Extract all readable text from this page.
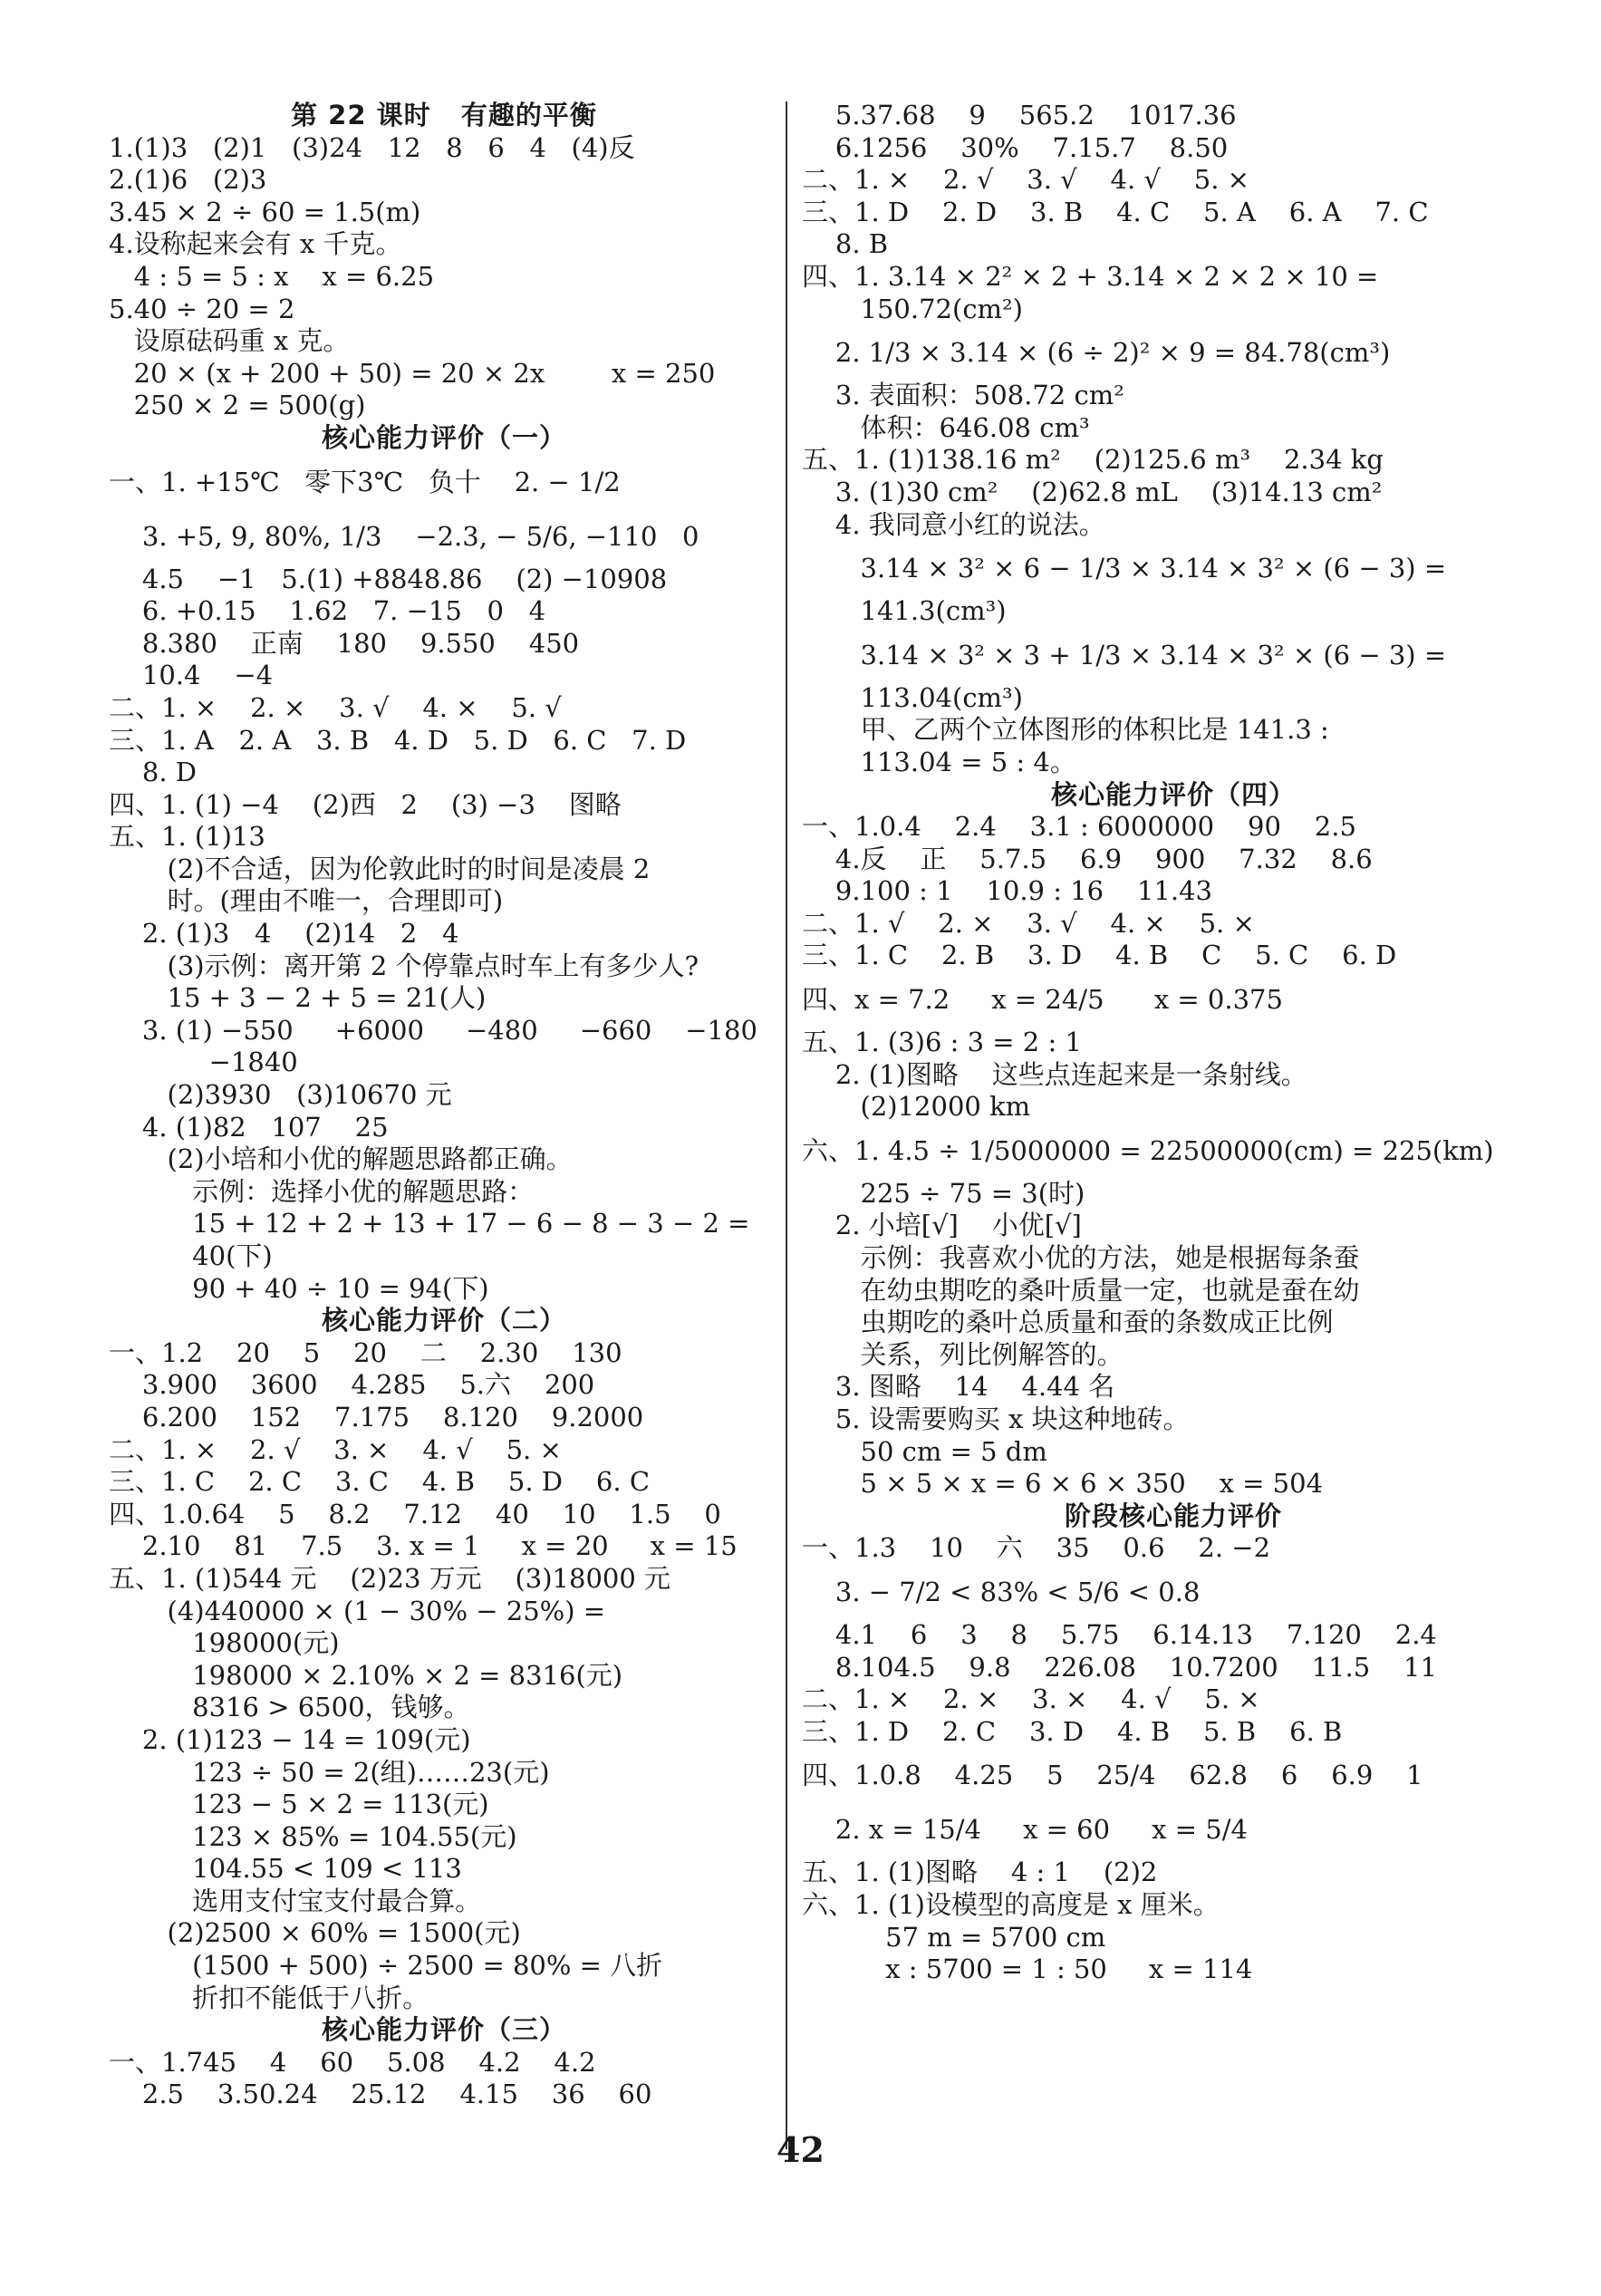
第 22 课时   有趣的平衡
1.(1)3   (2)1   (3)24   12   8   6   4   (4)反
2.(1)6   (2)3
3.45 × 2 ÷ 60 = 1.5(m)
4.设称起来会有 x 千克。
4 : 5 = 5 : x    x = 6.25
5.40 ÷ 20 = 2
设原砝码重 x 克。
20 × (x + 200 + 50) = 20 × 2x        x = 250
250 × 2 = 500(g)
核心能力评价（一）
一、1. +15℃   零下3℃   负十    2. − 1/2
3. +5, 9, 80%, 1/3    −2.3, − 5/6, −110   0
4.5    −1   5.(1) +8848.86    (2) −10908
6. +0.15    1.62   7. −15   0   4
8.380    正南    180    9.550    450
10.4    −4
二、1. ×    2. ×    3. √    4. ×    5. √
三、1. A   2. A   3. B   4. D   5. D   6. C   7. D
8. D
四、1. (1) −4    (2)西   2    (3) −3    图略
五、1. (1)13
(2)不合适，因为伦敦此时的时间是凌晨 2
时。(理由不唯一，合理即可)
2. (1)3   4    (2)14   2   4
(3)示例：离开第 2 个停靠点时车上有多少人?
15 + 3 − 2 + 5 = 21(人)
3. (1) −550     +6000     −480     −660    −180
−1840
(2)3930   (3)10670 元
4. (1)82   107    25
(2)小培和小优的解题思路都正确。
示例：选择小优的解题思路：
15 + 12 + 2 + 13 + 17 − 6 − 8 − 3 − 2 =
40(下)
90 + 40 ÷ 10 = 94(下)
核心能力评价（二）
一、1.2    20    5    20    二    2.30    130
3.900    3600    4.285    5.六    200
6.200    152    7.175    8.120    9.2000
二、1. ×    2. √    3. ×    4. √    5. ×
三、1. C    2. C    3. C    4. B    5. D    6. C
四、1.0.64    5    8.2    7.12    40    10    1.5    0
2.10    81    7.5    3. x = 1     x = 20     x = 15
五、1. (1)544 元    (2)23 万元    (3)18000 元
(4)440000 × (1 − 30% − 25%) =
198000(元)
198000 × 2.10% × 2 = 8316(元)
8316 > 6500，钱够。
2. (1)123 − 14 = 109(元)
123 ÷ 50 = 2(组)……23(元)
123 − 5 × 2 = 113(元)
123 × 85% = 104.55(元)
104.55 < 109 < 113
选用支付宝支付最合算。
(2)2500 × 60% = 1500(元)
(1500 + 500) ÷ 2500 = 80% = 八折
折扣不能低于八折。
核心能力评价（三）
一、1.745    4    60    5.08    4.2    4.2
2.5    3.50.24    25.12    4.15    36    60
5.37.68    9    565.2    1017.36
6.1256    30%    7.15.7    8.50
二、1. ×    2. √    3. √    4. √    5. ×
三、1. D    2. D    3. B    4. C    5. A    6. A    7. C
8. B
四、1. 3.14 × 2² × 2 + 3.14 × 2 × 2 × 10 =
150.72(cm²)
2. 1/3 × 3.14 × (6 ÷ 2)² × 9 = 84.78(cm³)
3. 表面积：508.72 cm²
体积：646.08 cm³
五、1. (1)138.16 m²    (2)125.6 m³    2.34 kg
3. (1)30 cm²    (2)62.8 mL    (3)14.13 cm²
4. 我同意小红的说法。
3.14 × 3² × 6 − 1/3 × 3.14 × 3² × (6 − 3) =
141.3(cm³)
3.14 × 3² × 3 + 1/3 × 3.14 × 3² × (6 − 3) =
113.04(cm³)
甲、乙两个立体图形的体积比是 141.3 :
113.04 = 5 : 4。
核心能力评价（四）
一、1.0.4    2.4    3.1 : 6000000    90    2.5
4.反    正    5.7.5    6.9    900    7.32    8.6
9.100 : 1    10.9 : 16    11.43
二、1. √    2. ×    3. √    4. ×    5. ×
三、1. C    2. B    3. D    4. B    C    5. C    6. D
四、x = 7.2     x = 24/5      x = 0.375
五、1. (3)6 : 3 = 2 : 1
2. (1)图略    这些点连起来是一条射线。
(2)12000 km
六、1. 4.5 ÷ 1/5000000 = 22500000(cm) = 225(km)
225 ÷ 75 = 3(时)
2. 小培[√]    小优[√]
示例：我喜欢小优的方法，她是根据每条蚕
在幼虫期吃的桑叶质量一定，也就是蚕在幼
虫期吃的桑叶总质量和蚕的条数成正比例
关系，列比例解答的。
3. 图略    14    4.44 名
5. 设需要购买 x 块这种地砖。
50 cm = 5 dm
5 × 5 × x = 6 × 6 × 350    x = 504
阶段核心能力评价
一、1.3    10    六    35    0.6    2. −2
3. − 7/2 < 83% < 5/6 < 0.8
4.1    6    3    8    5.75    6.14.13    7.120    2.4
8.104.5    9.8    226.08    10.7200    11.5    11
二、1. ×    2. ×    3. ×    4. √    5. ×
三、1. D    2. C    3. D    4. B    5. B    6. B
四、1.0.8    4.25    5    25/4    62.8    6    6.9    1
2. x = 15/4     x = 60     x = 5/4
五、1. (1)图略    4 : 1    (2)2
六、1. (1)设模型的高度是 x 厘米。
57 m = 5700 cm
x : 5700 = 1 : 50     x = 114
42
